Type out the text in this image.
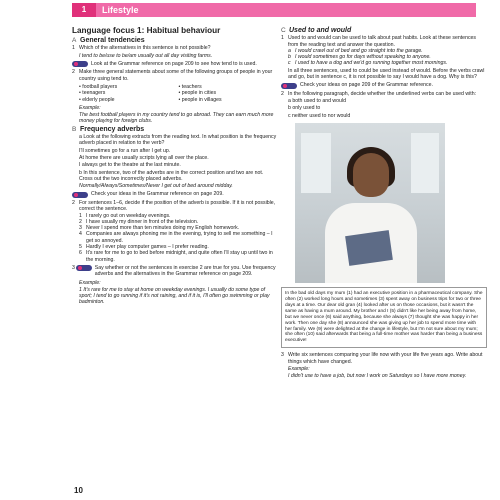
1	Lifestyle
Language focus 1: Habitual behaviour
A General tendencies
1 Which of the alternatives in this sentence is not possible?

I tend to be/use to be/am usually out all day visiting farms.

Look at the Grammar reference on page 209 to see how tend to is used.
2 Make three general statements about some of the following groups of people in your country using tend to.
• football players	• teachers
• teenagers	• people in cities
• elderly people	• people in villages

Example:

The best football players in my country tend to go abroad. They can earn much more money playing for foreign clubs.

B Frequency adverbs

a Look at the following extracts from the reading text. In what position is the frequency adverb placed in relation to the verb?

I'll sometimes go for a run after I get up.

At home there are usually scripts lying all over the place.

I always get to the theatre at the last minute.

b In this sentence, two of the adverbs are in the correct position and two are not. Cross out the two incorrectly placed adverbs.

Normally/Always/Sometimes/Never I get out of bed around midday.

Check your ideas in the Grammar reference on page 209.
2 For sentences 1–6, decide if the position of the adverb is possible. If it is not possible, correct the sentence.
1 I rarely go out on weekday evenings.
2 I have usually my dinner in front of the television.
3 Never I spend more than ten minutes doing my English homework.
4 Companies are always phoning me in the evening, trying to sell me something – I get so annoyed.
5 Hardly I ever play computer games – I prefer reading.
6 It's rare for me to go to bed before midnight, and quite often I'll stay up until two in the morning.
3	Say whether or not the sentences in exercise 2 are true for you. Use frequency adverbs and the alternatives in the Grammar reference on page 209.

Example:

1 It's rare for me to stay at home on weekday evenings. I usually do some type of sport; I tend to go running if it's not raining, and if it is, I'll often go swimming or play badminton.

C Used to and would
1 Used to and would can be used to talk about past habits. Look at these sentences from the reading text and answer the question.
a I would crawl out of bed and go straight into the garage.
b I would sometimes go for days without speaking to anyone.
c I used to have a dog and we'd go running together most mornings.

In all three sentences, used to could be used instead of would. Before the verbs crawl and go, but in sentence c, it is not possible to say I would have a dog. Why is this?

Check your ideas on page 209 of the Grammar reference.
2 In the following paragraph, decide whether the underlined verbs can be used with:

a both used to and would

b only used to

c neither used to nor would

In the bad old days my mum (1) had an executive position in a pharmaceutical company. She often (2) worked long hours and sometimes (3) spent away on business trips for two or three days at a time. Our dear old gran (4) looked after us on those occasions, but it wasn't the same as having a mum around. My brother and I (5) didn't like her being away from home, but we never once (6) said anything, because she always (7) thought she was happy in her work. Then one day she (8) announced she was giving up her job to spend more time with her family. We (9) were delighted at the change in lifestyle, but I'm not sure about my mum; she often (10) said afterwards that being a full-time mother was harder than being a business executive!
3 Write six sentences comparing your life now with your life five years ago. Write about things which have changed.

Example:

I didn't use to have a job, but now I work on Saturdays so I have more money.

10
